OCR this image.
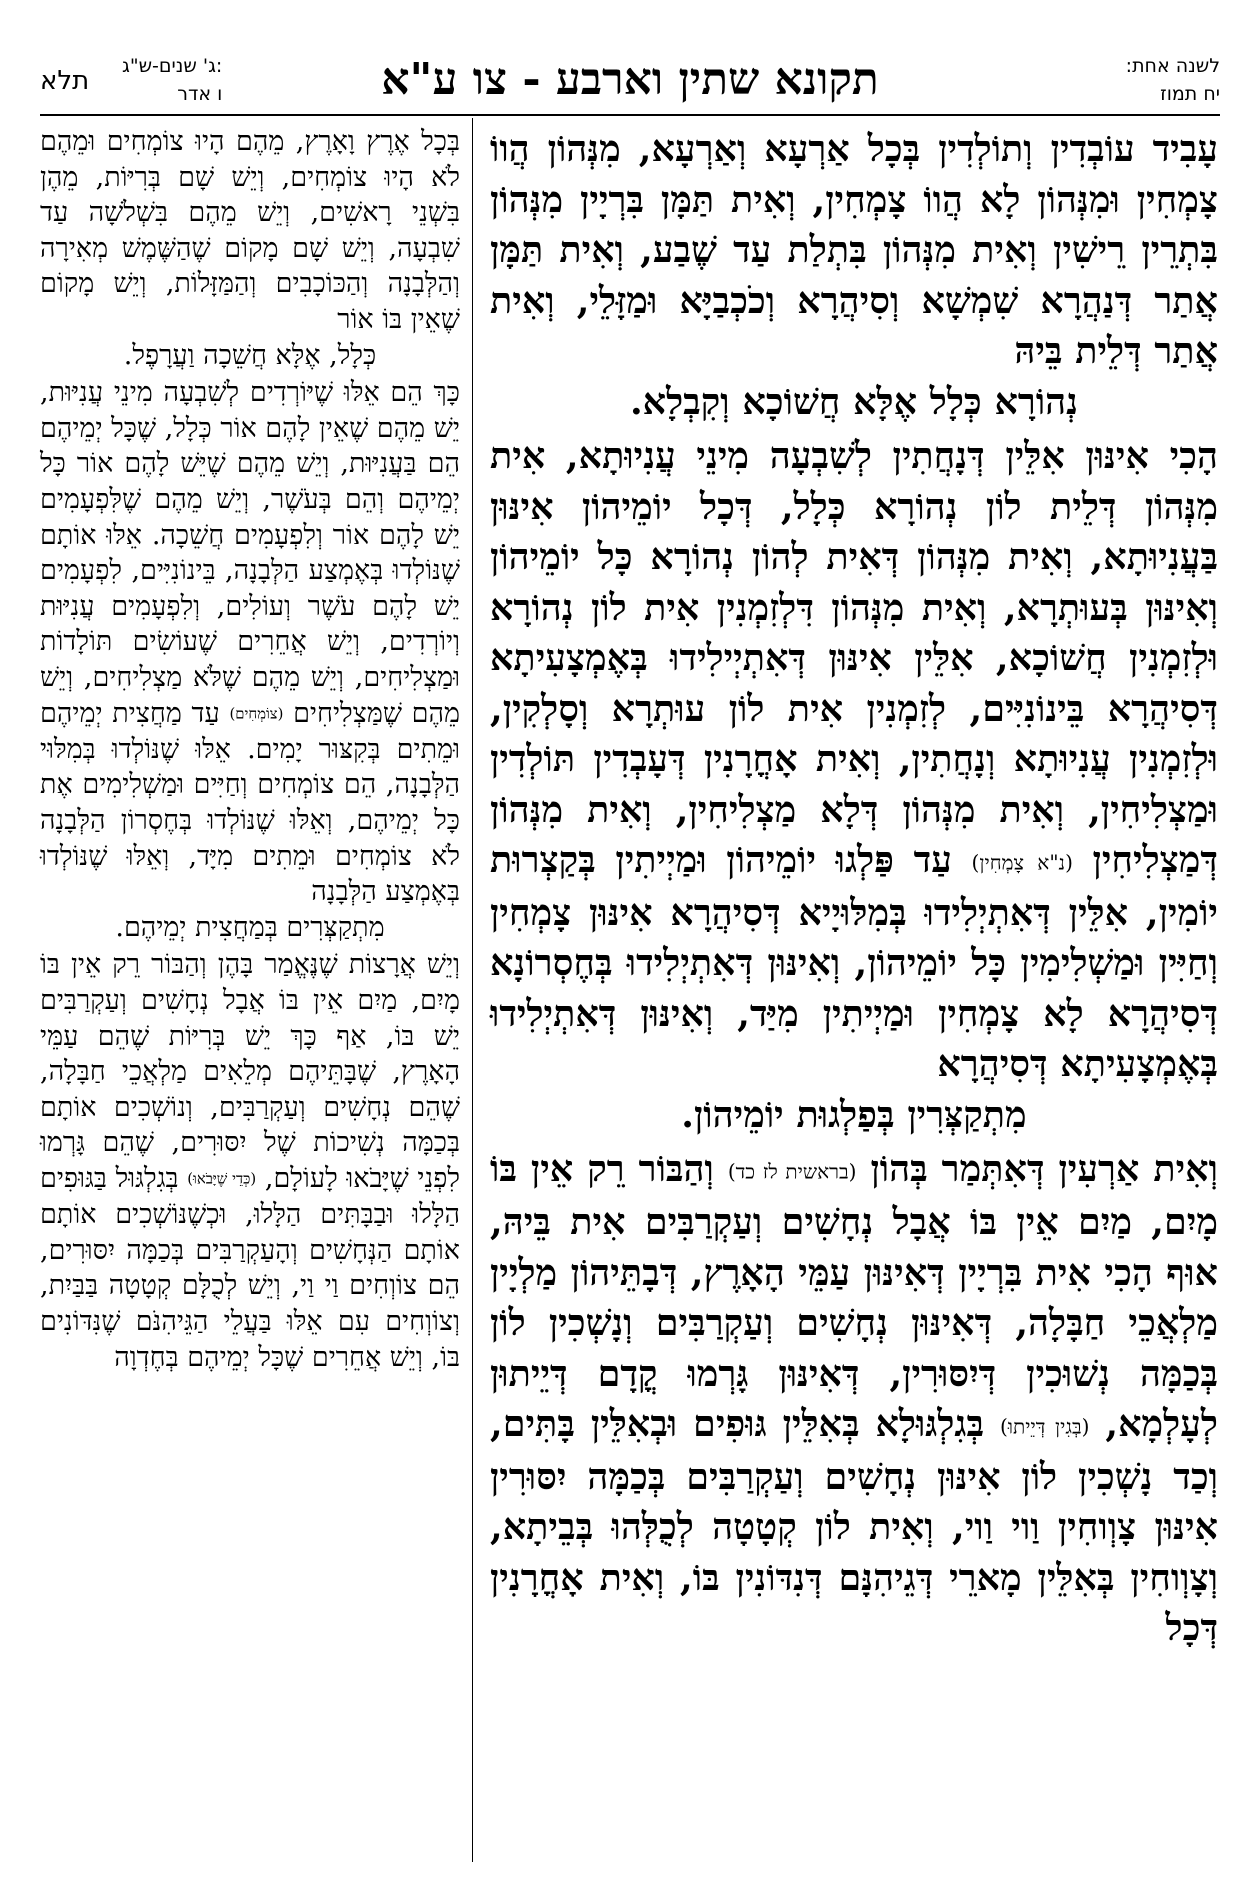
תלא ג' שנים-ש"ג:
ו אדר	תקונא שתין וארבע - צו ע"א	לשנה אחת:
יח תמוז

עָבִיד עוֹבְדִין וְתוֹלְדִין בְּכָל אַרְעָא וְאַרְעָא, מִנְּהוֹן הֲווֹ צָמְחִין וּמִנְּהוֹן לָא הֲווֹ צָמְחִין, וְאִית תַּמָּן בִּרְיָין מִנְּהוֹן בִּתְרֵין רֵישִׁין וְאִית מִנְּהוֹן בִּתְלַת עַד שֶׁבַע, וְאִית תַּמָּן אֲתַר דְּנַהֲרָא שִׁמְשָׁא וְסִיהֲרָא וְכֹכְבַיָּא וּמַזָּלֵי, וְאִית אֲתַר דְּלֵית בֵּיהּ

נְהוֹרָא כְּלָל אֶלָּא חֲשׁוֹכָא וְקִבְלָא.

הָכִי אִינּוּן אִלֵּין דְּנָחֲתִין לְשִׁבְעָה מִינֵי עֲנִיוּתָא, אִית מִנְּהוֹן דְּלֵית לוֹן נְהוֹרָא כְּלָל, דְּכָל יוֹמֵיהוֹן אִינּוּן בַּעֲנִיוּתָא, וְאִית מִנְּהוֹן דְּאִית לְהוֹן נְהוֹרָא כָּל יוֹמֵיהוֹן וְאִינּוּן בְּעוּתְרָא, וְאִית מִנְּהוֹן דִּלְזִמְנִין אִית לוֹן נְהוֹרָא וּלְזִמְנִין חֲשׁוֹכָא, אִלֵּין אִינּוּן דְּאִתְיְילִידוּ בְּאֶמְצָעִיתָא דְּסִיהֲרָא בֵּינוֹנִיִּים, לְזִמְנִין אִית לוֹן עוּתְרָא וְסָלְקִין, וּלְזִמְנִין עֲנִיוּתָא וְנָחֲתִין, וְאִית אָחֳרָנִין דְּעָבְדִין תּוֹלְדִין וּמַצְלִיחִין, וְאִית מִנְּהוֹן דְּלָא מַצְלִיחִין, וְאִית מִנְּהוֹן דְּמַצְלִיחִין (נ"א צָמְחִין) עַד פַּלְגוּ יוֹמֵיהוֹן וּמַיְיתִין בְּקַצְרוּת יוֹמִין, אִלֵּין דְּאִתְיְלִידוּ בְּמִלּוּיָיא דְּסִיהֲרָא אִינּוּן צָמְחִין וְחַיִּין וּמַשְׁלִימִין כָּל יוֹמֵיהוֹן, וְאִינּוּן דְּאִתְיְלִידוּ בְּחֶסְרוֹנָא דְּסִיהֲרָא לָא צָמְחִין וּמַיְיתִין מִיַּד, וְאִינּוּן דְּאִתְיְלִידוּ בְּאֶמְצָעִיתָא דְּסִיהֲרָא

מִתְקַצְּרִין בְּפַלְגוּת יוֹמֵיהוֹן.

וְאִית אַרְעִין דְּאִתְּמַר בְּהוֹן (בראשית לז כד) וְהַבּוֹר רֵק אֵין בּוֹ מָיִם, מַיִם אֵין בּוֹ אֲבָל נְחָשִׁים וְעַקְרַבִּים אִית בֵּיהּ, אוּף הָכִי אִית בִּרְיָין דְּאִינּוּן עַמֵּי הָאָרֶץ, דְּבָתֵּיהוֹן מַלְיָין מַלְאֲכֵי חַבָּלָה, דְּאִינּוּן נְחָשִׁים וְעַקְרַבִּים וְנָשְׁכִין לוֹן בְּכַמָּה נְשׁוּכִין דְּיִסּוּרִין, דְּאִינּוּן גָּרְמוּ קֳדָם דְּיֵיתוּן לְעָלְמָא, (בְּגִין דְּיֵיתוּ) בְּגִלְגּוּלָא בְּאִלֵּין גּוּפִים וּבְאִלֵּין בָּתִּים, וְכַד נָשְׁכִין לוֹן אִינּוּן נְחָשִׁים וְעַקְרַבִּים בְּכַמָּה יִסּוּרִין אִינּוּן צָוְוחִין וַוי וַוי, וְאִית לוֹן קְטָטָה לְכֻלְּהוּ בְּבֵיתָא, וְצָוְוחִין בְּאִלֵּין מָארֵי דְּגֵיהִנָּם דְּנִדּוֹנִין בּוֹ, וְאִית אָחֳרָנִין דְּכָל

בְּכָל אֶרֶץ וָאָרֶץ, מֵהֶם הָיוּ צוֹמְחִים וּמֵהֶם לֹא הָיוּ צוֹמְחִים, וְיֵשׁ שָׁם בְּרִיּוֹת, מֵהֶן בִּשְׁנֵי רָאשִׁים, וְיֵשׁ מֵהֶם בִּשְׁלֹשָׁה עַד שִׁבְעָה, וְיֵשׁ שָׁם מָקוֹם שֶׁהַשֶּׁמֶשׁ מְאִירָה וְהַלְּבָנָה וְהַכּוֹכָבִים וְהַמַּזָּלוֹת, וְיֵשׁ מָקוֹם שֶׁאֵין בּוֹ אוֹר

כְּלָל, אֶלָּא חֲשֵׁכָה וַעֲרָפֶל.

כָּךְ הֵם אֵלּוּ שֶׁיּוֹרְדִים לְשִׁבְעָה מִינֵי עֲנִיּוּת, יֵשׁ מֵהֶם שֶׁאֵין לָהֶם אוֹר כְּלָל, שֶׁכָּל יְמֵיהֶם הֵם בַּעֲנִיּוּת, וְיֵשׁ מֵהֶם שֶׁיֵּשׁ לָהֶם אוֹר כָּל יְמֵיהֶם וְהֵם בְּעֹשֶׁר, וְיֵשׁ מֵהֶם שֶׁלִּפְעָמִים יֵשׁ לָהֶם אוֹר וְלִפְעָמִים חֲשֵׁכָה. אֵלּוּ אוֹתָם שֶׁנּוֹלְדוּ בְּאֶמְצַע הַלְּבָנָה, בֵּינוֹנִיִּים, לִפְעָמִים יֵשׁ לָהֶם עֹשֶׁר וְעוֹלִים, וְלִפְעָמִים עֲנִיּוּת וְיוֹרְדִים, וְיֵשׁ אֲחֵרִים שֶׁעוֹשִׂים תּוֹלָדוֹת וּמַצְלִיחִים, וְיֵשׁ מֵהֶם שֶׁלֹּא מַצְלִיחִים, וְיֵשׁ מֵהֶם שֶׁמַּצְלִיחִים (צוֹמְחִים) עַד מַחֲצִית יְמֵיהֶם וּמֵתִים בְּקִצּוּר יָמִים. אֵלּוּ שֶׁנּוֹלְדוּ בְּמִלּוּי הַלְּבָנָה, הֵם צוֹמְחִים וְחַיִּים וּמַשְׁלִימִים אֶת כָּל יְמֵיהֶם, וְאֵלּוּ שֶׁנּוֹלְדוּ בְּחֶסְרוֹן הַלְּבָנָה לֹא צוֹמְחִים וּמֵתִים מִיָּד, וְאֵלּוּ שֶׁנּוֹלְדוּ בְּאֶמְצַע הַלְּבָנָה

מִתְקַצְּרִים בְּמַחֲצִית יְמֵיהֶם.

וְיֵשׁ אֲרָצוֹת שֶׁנֶּאֱמַר בָּהֶן וְהַבּוֹר רֵק אֵין בּוֹ מָיִם, מַיִם אֵין בּוֹ אֲבָל נְחָשִׁים וְעַקְרַבִּים יֵשׁ בּוֹ, אַף כָּךְ יֵשׁ בְּרִיּוֹת שֶׁהֵם עַמֵּי הָאָרֶץ, שֶׁבָּתֵּיהֶם מְלֵאִים מַלְאֲכֵי חַבָּלָה, שֶׁהֵם נְחָשִׁים וְעַקְרַבִּים, וְנוֹשְׁכִים אוֹתָם בְּכַמָּה נְשִׁיכוֹת שֶׁל יִסּוּרִים, שֶׁהֵם גָּרְמוּ לִפְנֵי שֶׁיָּבֹאוּ לָעוֹלָם, (כְּדֵי שֶׁיָּבֹאוּ) בְּגִלְגּוּל בַּגּוּפִים הַלָּלוּ וּבַבָּתִּים הַלָּלוּ, וּכְשֶׁנּוֹשְׁכִים אוֹתָם אוֹתָם הַנְּחָשִׁים וְהָעַקְרַבִּים בְּכַמָּה יִסּוּרִים, הֵם צוֹוְחִים וַי וַי, וְיֵשׁ לְכֻלָּם קְטָטָה בַּבַּיִת, וְצוֹוְחִים עִם אֵלּוּ בַּעֲלֵי הַגֵּיהִנֹּם שֶׁנִּדּוֹנִים בּוֹ, וְיֵשׁ אֲחֵרִים שֶׁכָּל יְמֵיהֶם בְּחֶדְוָה
